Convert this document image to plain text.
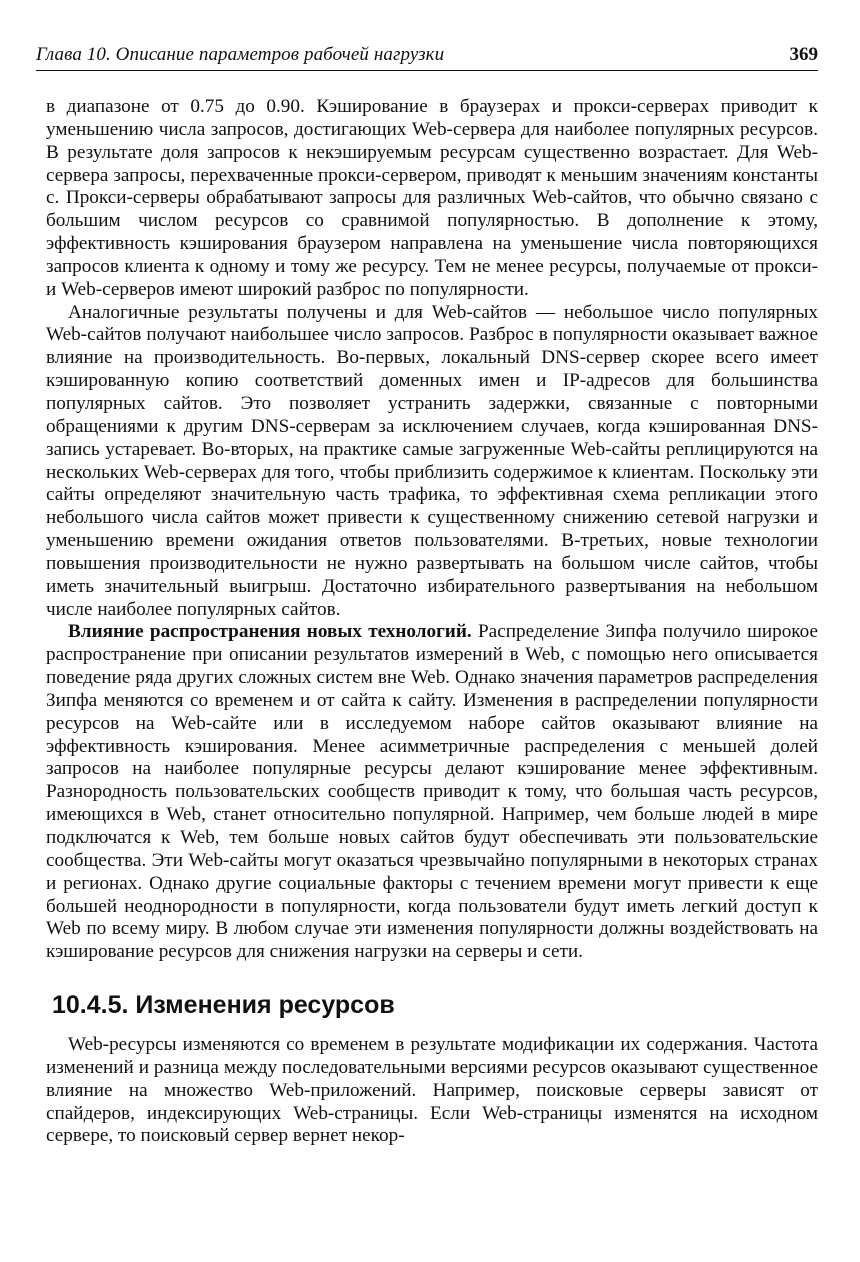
Глава 10. Описание параметров рабочей нагрузки	369

в диапазоне от 0.75 до 0.90. Кэширование в браузерах и прокси-серверах приводит к уменьшению числа запросов, достигающих Web-сервера для наиболее популярных ресурсов. В результате доля запросов к некэшируемым ресурсам существенно возрастает. Для Web-сервера запросы, перехваченные прокси-сервером, приводят к меньшим значениям константы c. Прокси-серверы обрабатывают запросы для различных Web-сайтов, что обычно связано с большим числом ресурсов со сравнимой популярностью. В дополнение к этому, эффективность кэширования браузером направлена на уменьшение числа повторяющихся запросов клиента к одному и тому же ресурсу. Тем не менее ресурсы, получаемые от прокси- и Web-серверов имеют широкий разброс по популярности.

Аналогичные результаты получены и для Web-сайтов — небольшое число популярных Web-сайтов получают наибольшее число запросов. Разброс в популярности оказывает важное влияние на производительность. Во-первых, локальный DNS-сервер скорее всего имеет кэшированную копию соответствий доменных имен и IP-адресов для большинства популярных сайтов. Это позволяет устранить задержки, связанные с повторными обращениями к другим DNS-серверам за исключением случаев, когда кэшированная DNS-запись устаревает. Во-вторых, на практике самые загруженные Web-сайты реплицируются на нескольких Web-серверах для того, чтобы приблизить содержимое к клиентам. Поскольку эти сайты определяют значительную часть трафика, то эффективная схема репликации этого небольшого числа сайтов может привести к существенному снижению сетевой нагрузки и уменьшению времени ожидания ответов пользователями. В-третьих, новые технологии повышения производительности не нужно развертывать на большом числе сайтов, чтобы иметь значительный выигрыш. Достаточно избирательного развертывания на небольшом числе наиболее популярных сайтов.

Влияние распространения новых технологий. Распределение Зипфа получило широкое распространение при описании результатов измерений в Web, с помощью него описывается поведение ряда других сложных систем вне Web. Однако значения параметров распределения Зипфа меняются со временем и от сайта к сайту. Изменения в распределении популярности ресурсов на Web-сайте или в исследуемом наборе сайтов оказывают влияние на эффективность кэширования. Менее асимметричные распределения с меньшей долей запросов на наиболее популярные ресурсы делают кэширование менее эффективным. Разнородность пользовательских сообществ приводит к тому, что большая часть ресурсов, имеющихся в Web, станет относительно популярной. Например, чем больше людей в мире подключатся к Web, тем больше новых сайтов будут обеспечивать эти пользовательские сообщества. Эти Web-сайты могут оказаться чрезвычайно популярными в некоторых странах и регионах. Однако другие социальные факторы с течением времени могут привести к еще большей неоднородности в популярности, когда пользователи будут иметь легкий доступ к Web по всему миру. В любом случае эти изменения популярности должны воздействовать на кэширование ресурсов для снижения нагрузки на серверы и сети.

10.4.5. Изменения ресурсов

Web-ресурсы изменяются со временем в результате модификации их содержания. Частота изменений и разница между последовательными версиями ресурсов оказывают существенное влияние на множество Web-приложений. Например, поисковые серверы зависят от спайдеров, индексирующих Web-страницы. Если Web-страницы изменятся на исходном сервере, то поисковый сервер вернет некор-
